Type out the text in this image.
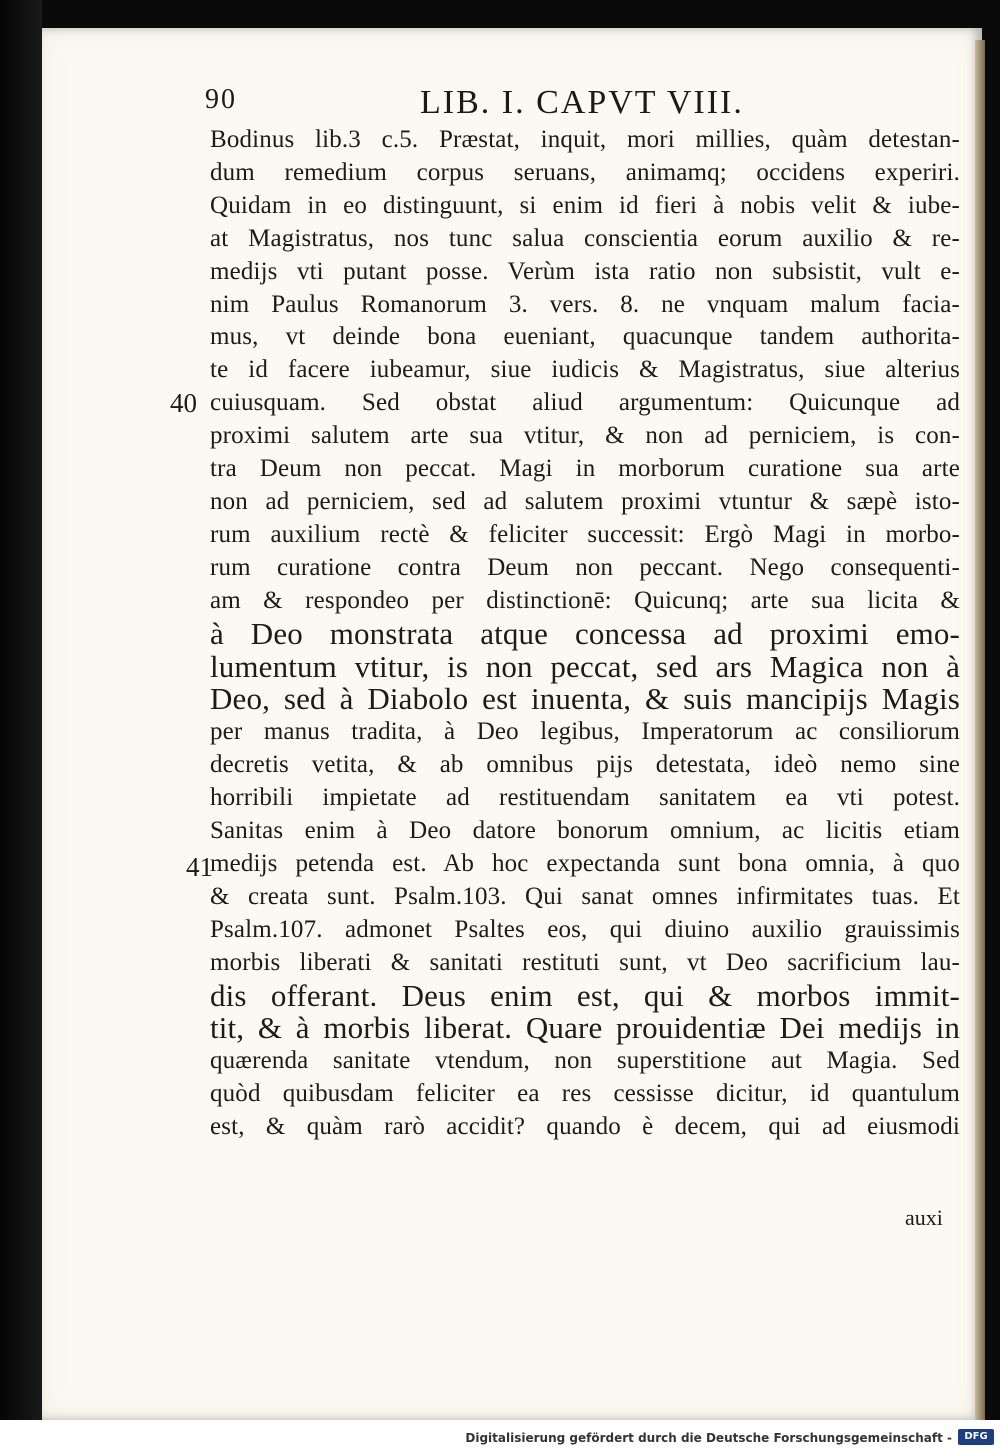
90	LIB. I. CAPVT VIII.
40
41
Bodinus lib.3 c.5. Præstat, inquit, mori millies, quàm detestan-
dum remedium corpus seruans, animamq; occidens experiri.
Quidam in eo distinguunt, si enim id fieri à nobis velit & iube-
at Magistratus, nos tunc salua conscientia eorum auxilio & re-
medijs vti putant posse. Verùm ista ratio non subsistit, vult e-
nim Paulus Romanorum 3. vers. 8. ne vnquam malum facia-
mus, vt deinde bona eueniant, quacunque tandem authorita-
te id facere iubeamur, siue iudicis & Magistratus, siue alterius
cuiusquam. Sed obstat aliud argumentum: Quicunque ad
proximi salutem arte sua vtitur, & non ad perniciem, is con-
tra Deum non peccat. Magi in morborum curatione sua arte
non ad perniciem, sed ad salutem proximi vtuntur & sæpè isto-
rum auxilium rectè & feliciter successit: Ergò Magi in morbo-
rum curatione contra Deum non peccant. Nego consequenti-
am & respondeo per distinctionē: Quicunq; arte sua licita &
à Deo monstrata atque concessa ad proximi emo-
lumentum vtitur, is non peccat, sed ars Magica non à
Deo, sed à Diabolo est inuenta, & suis mancipijs Magis
per manus tradita, à Deo legibus, Imperatorum ac consiliorum
decretis vetita, & ab omnibus pijs detestata, ideò nemo sine
horribili impietate ad restituendam sanitatem ea vti potest.
Sanitas enim à Deo datore bonorum omnium, ac licitis etiam
medijs petenda est. Ab hoc expectanda sunt bona omnia, à quo
& creata sunt. Psalm.103. Qui sanat omnes infirmitates tuas. Et
Psalm.107. admonet Psaltes eos, qui diuino auxilio grauissimis
morbis liberati & sanitati restituti sunt, vt Deo sacrificium lau-
dis offerant. Deus enim est, qui & morbos immit-
tit, & à morbis liberat. Quare prouidentiæ Dei medijs in
quærenda sanitate vtendum, non superstitione aut Magia. Sed
quòd quibusdam feliciter ea res cessisse dicitur, id quantulum
est, & quàm rarò accidit? quando è decem, qui ad eiusmodi
auxi
Digitalisierung gefördert durch die Deutsche Forschungsgemeinschaft -	DFG
